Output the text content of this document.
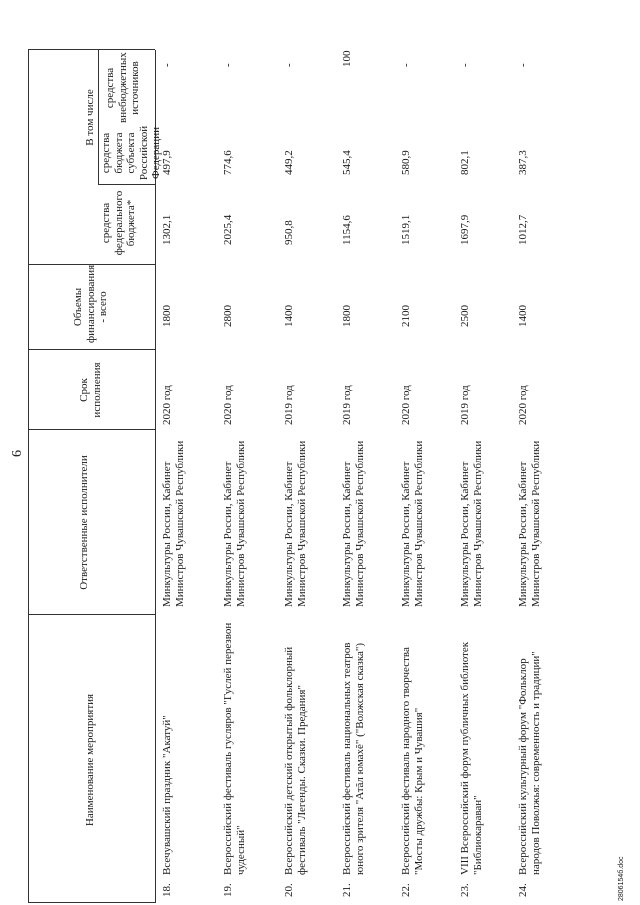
6
Наименование мероприятия
Ответственные исполнители
Срок исполнения
Объемы финансирования - всего
В том числе
средства федерального бюджета*
средства бюджета субъекта Российской Федерации
средства внебюджетных источников
18.
Всечувашский праздник "Акатуй"
Минкультуры России, Кабинет Министров Чувашской Республики
2020 год
1800
1302,1
497,9
-
19.
Всероссийский фестиваль гусляров "Гуслей перезвон чудесный"
Минкультуры России, Кабинет Министров Чувашской Республики
2020 год
2800
2025,4
774,6
-
20.
Всероссийский детский открытый фольклорный фестиваль "Легенды. Сказки. Предания"
Минкультуры России, Кабинет Министров Чувашской Республики
2019 год
1400
950,8
449,2
-
21.
Всероссийский фестиваль национальных театров юного зрителя "Атăл юмахĕ" ("Волжская сказка")
Минкультуры России, Кабинет Министров Чувашской Республики
2019 год
1800
1154,6
545,4
100
22.
Всероссийский фестиваль народного творчества "Мосты дружбы: Крым и Чувашия"
Минкультуры России, Кабинет Министров Чувашской Республики
2020 год
2100
1519,1
580,9
-
23.
VIII Всероссийский форум публичных библиотек "Библиокараван"
Минкультуры России, Кабинет Министров Чувашской Республики
2019 год
2500
1697,9
802,1
-
24.
Всероссийский культурный форум "Фольклор народов Поволжья: современность и традиции"
Минкультуры России, Кабинет Министров Чувашской Республики
2020 год
1400
1012,7
387,3
-
2806154б.doc
